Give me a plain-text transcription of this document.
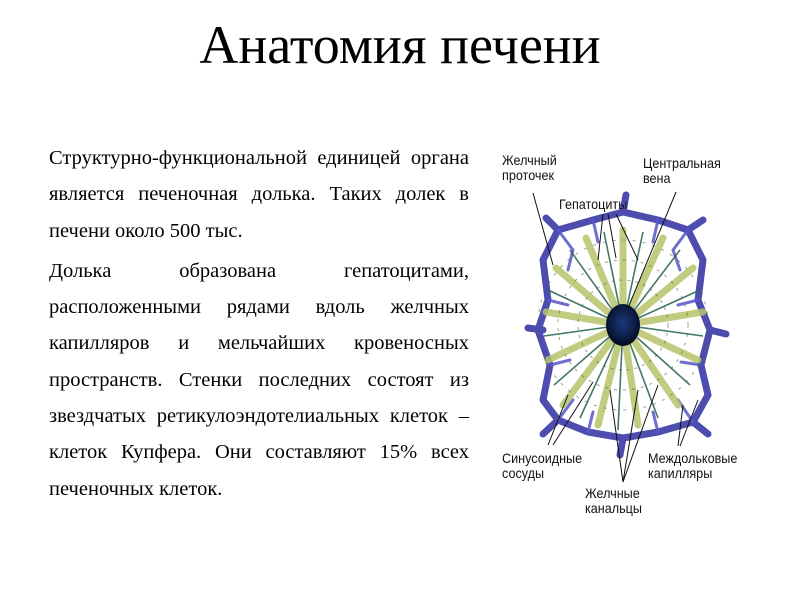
Анатомия печени

Структурно-функциональной единицей органа является печеночная долька. Таких долек в печени около 500 тыс.

Долька образована гепатоцитами, расположенными рядами вдоль желчных капилляров и мельчайших кровеносных пространств. Стенки последних состоят из звездчатых ретикулоэндотелиальных клеток – клеток Купфера. Они составляют 15% всех печеночных клеток.

Желчный
проточек
Центральная
вена
Гепатоциты
Синусоидные
сосуды
Желчные
канальцы
Междольковые
капилляры
